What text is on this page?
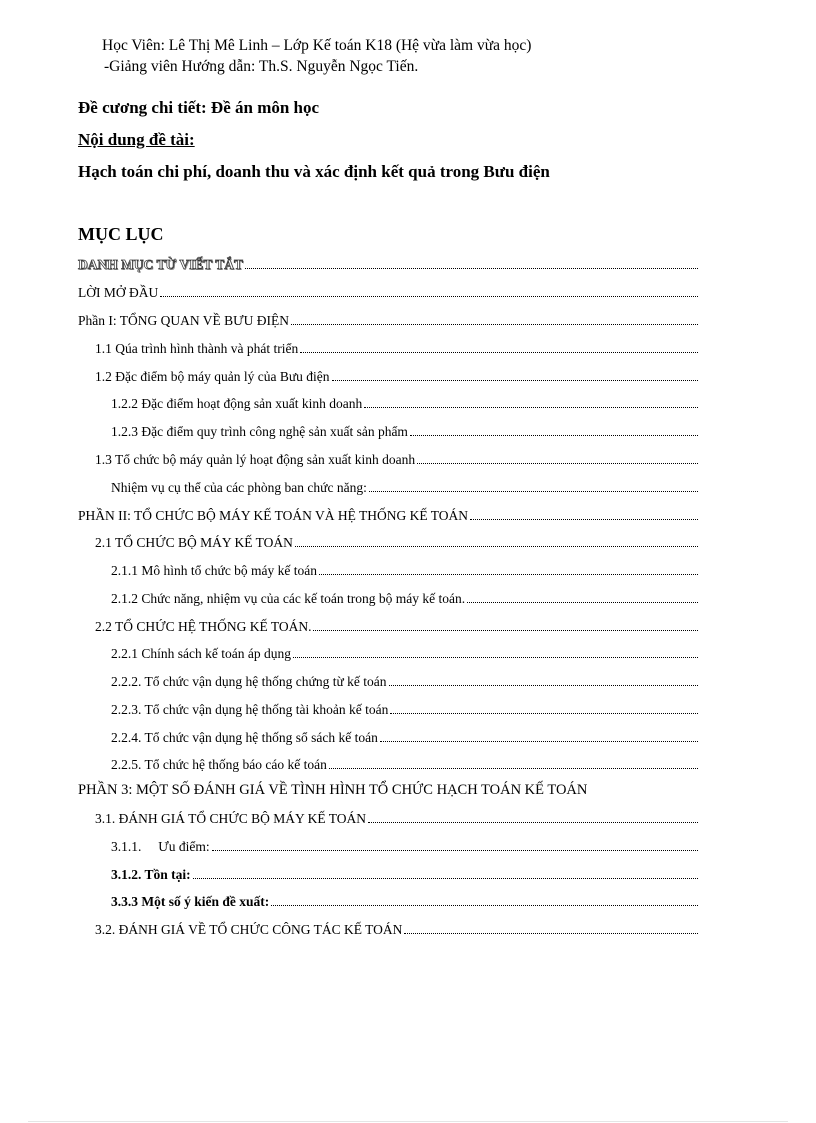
Học Viên: Lê Thị Mê Linh – Lớp Kế toán K18 (Hệ vừa làm vừa học)
-Giảng viên Hướng dẫn: Th.S. Nguyễn Ngọc Tiến.
Đề cương chi tiết: Đề án môn học
Nội dung đề tài:
Hạch toán chi phí, doanh thu và xác định kết quả trong Bưu điện
MỤC LỤC
DANH MỤC TỪ VIẾT TẮT
LỜI MỞ ĐẦU
Phần I: TỔNG QUAN VỀ BƯU ĐIỆN
1.1 Qúa trình hình thành và phát triển
1.2 Đặc điểm bộ máy quản lý của Bưu điện
1.2.2 Đặc điểm hoạt động sản xuất kinh doanh
1.2.3 Đặc điểm quy trình công nghệ sản xuất sản phẩm
1.3 Tổ chức bộ máy quản lý hoạt động sản xuất kinh doanh
Nhiệm vụ cụ thể của các phòng ban chức năng:
PHẦN II: TỔ CHỨC BỘ MÁY KẾ TOÁN VÀ HỆ THỐNG KẾ TOÁN
2.1 TỔ CHỨC BỘ MÁY KẾ TOÁN
2.1.1 Mô hình tổ chức bộ máy kế toán
2.1.2 Chức năng, nhiệm vụ của các kế toán trong bộ máy kế toán.
2.2 TỔ CHỨC HỆ THỐNG KẾ TOÁN.
2.2.1 Chính sách kế toán áp dụng
2.2.2. Tổ chức vận dụng hệ thống chứng từ kế toán
2.2.3. Tổ chức vận dụng hệ thống tài khoản kế toán
2.2.4. Tổ chức vận dụng hệ thống sổ sách kế toán
2.2.5. Tổ chức hệ thống báo cáo kế toán
PHẦN 3: MỘT SỐ ĐÁNH GIÁ VỀ TÌNH HÌNH TỔ CHỨC HẠCH TOÁN KẾ TOÁN
3.1. ĐÁNH GIÁ TỔ CHỨC BỘ MÁY KẾ TOÁN
3.1.1.     Ưu điểm:
3.1.2. Tồn tại:
3.3.3 Một số ý kiến đề xuất:
3.2. ĐÁNH GIÁ VỀ TỔ CHỨC CÔNG TÁC KẾ TOÁN
